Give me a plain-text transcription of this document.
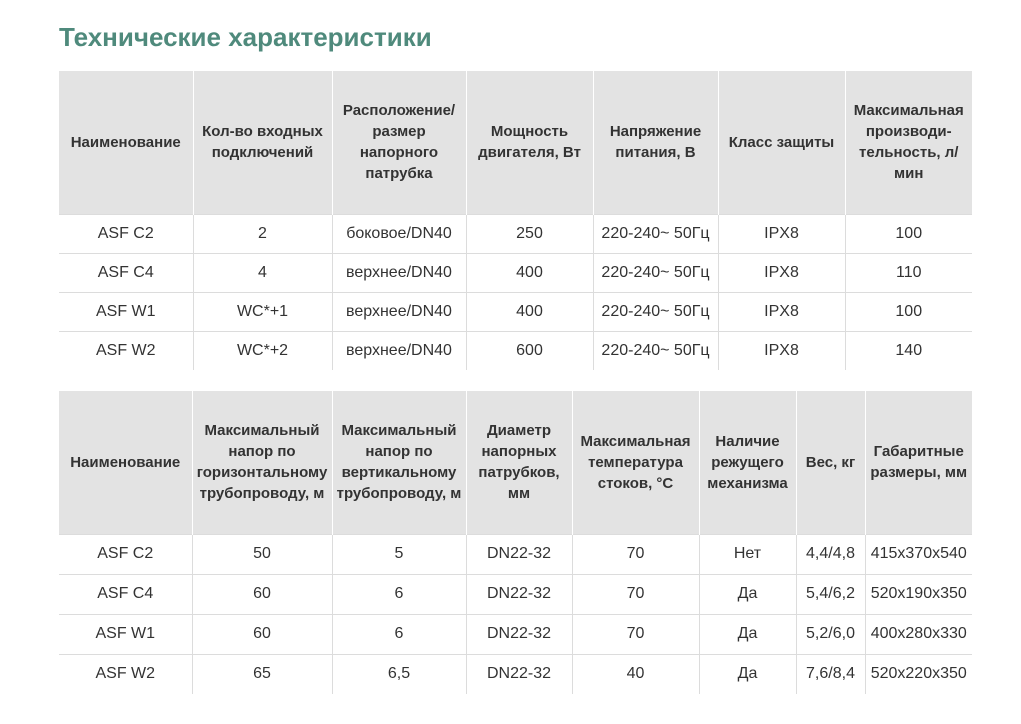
Технические характеристики
Наименование	Кол-во входных подключений	Расположение/ размер напорного патрубка	Мощность двигателя, Вт	Напряжение питания, В	Класс защиты	Максимальная производи- тельность, л/мин
ASF C2	2	боковое/DN40	250	220-240~ 50Гц	IPX8	100
ASF C4	4	верхнее/DN40	400	220-240~ 50Гц	IPX8	110
ASF W1	WC*+1	верхнее/DN40	400	220-240~ 50Гц	IPX8	100
ASF W2	WC*+2	верхнее/DN40	600	220-240~ 50Гц	IPX8	140
Наименование	Максимальный напор по горизонтальному трубопроводу, м	Максимальный напор по вертикальному трубопроводу, м	Диаметр напорных патрубков, мм	Максимальная температура стоков, °С	Наличие режущего механизма	Вес, кг	Габаритные размеры, мм
ASF C2	50	5	DN22-32	70	Нет	4,4/4,8	415x370x540
ASF C4	60	6	DN22-32	70	Да	5,4/6,2	520x190x350
ASF W1	60	6	DN22-32	70	Да	5,2/6,0	400x280x330
ASF W2	65	6,5	DN22-32	40	Да	7,6/8,4	520x220x350
